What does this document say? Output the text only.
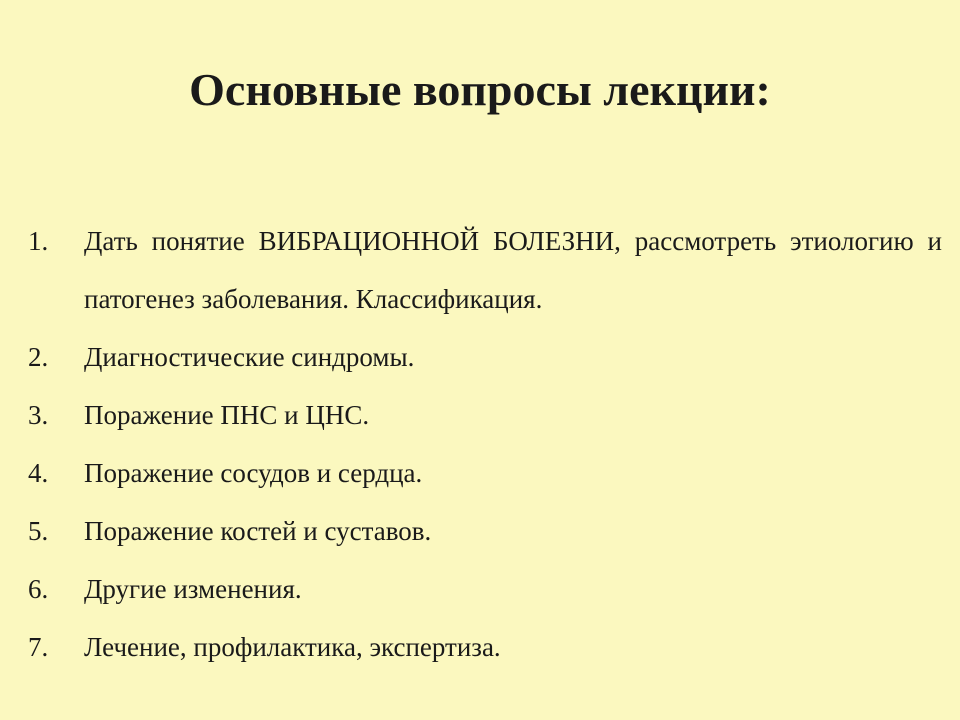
Основные вопросы лекции:
1.	Дать понятие ВИБРАЦИОННОЙ БОЛЕЗНИ, рассмотреть этиологию и патогенез заболевания. Классификация.
2.	Диагностические синдромы.
3.	Поражение ПНС и ЦНС.
4.	Поражение сосудов и сердца.
5.	Поражение костей и суставов.
6.	Другие изменения.
7.	Лечение, профилактика, экспертиза.
